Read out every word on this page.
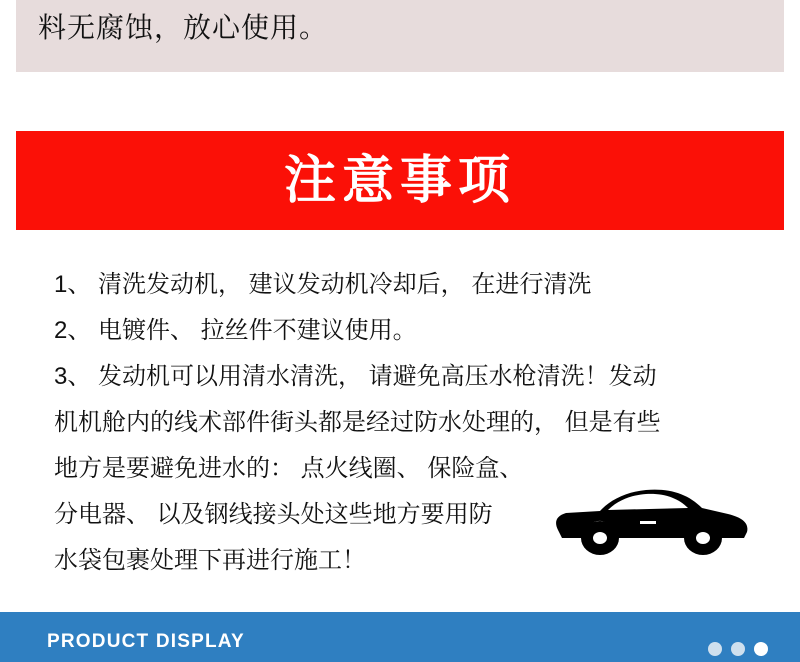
料无腐蚀，放心使用。
注意事项
1、 清洗发动机， 建议发动机冷却后， 在进行清洗
2、 电镀件、 拉丝件不建议使用。
3、 发动机可以用清水清洗， 请避免高压水枪清洗！发动
机机舱内的线术部件街头都是经过防水处理的， 但是有些
地方是要避免进水的： 点火线圈、 保险盒、
分电器、 以及钢线接头处这些地方要用防
水袋包裹处理下再进行施工！
PRODUCT DISPLAY
